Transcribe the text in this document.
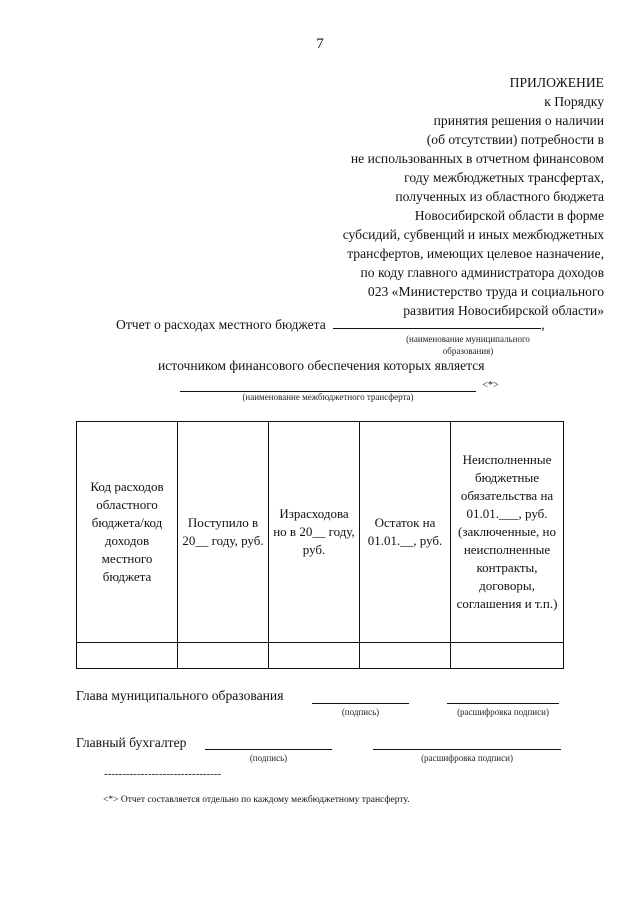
7
ПРИЛОЖЕНИЕ
к Порядку
принятия решения о наличии
(об отсутствии) потребности в
не использованных в отчетном финансовом
году межбюджетных трансфертах,
полученных из областного бюджета
Новосибирской области в форме
субсидий, субвенций и иных межбюджетных
трансфертов, имеющих целевое назначение,
по коду главного администратора доходов
023 «Министерство труда и социального
развития Новосибирской области»
Отчет о расходах местного бюджета	,
(наименование муниципального
образования)
источником финансового обеспечения которых является
<*>
(наименование межбюджетного трансферта)
Код расходов областного бюджета/код доходов местного бюджета	Поступило в 20__ году, руб.	Израсходова но в 20__ году, руб.	Остаток на 01.01.__, руб.	Неисполненные бюджетные обязательства на 01.01.___, руб. (заключенные, но неисполненные контракты, договоры, соглашения и т.п.)

Глава муниципального образования
(подпись)	(расшифровка подписи)
Главный бухгалтер
(подпись)	(расшифровка подписи)
--------------------------------
<*> Отчет составляется отдельно по каждому межбюджетному трансферту.
